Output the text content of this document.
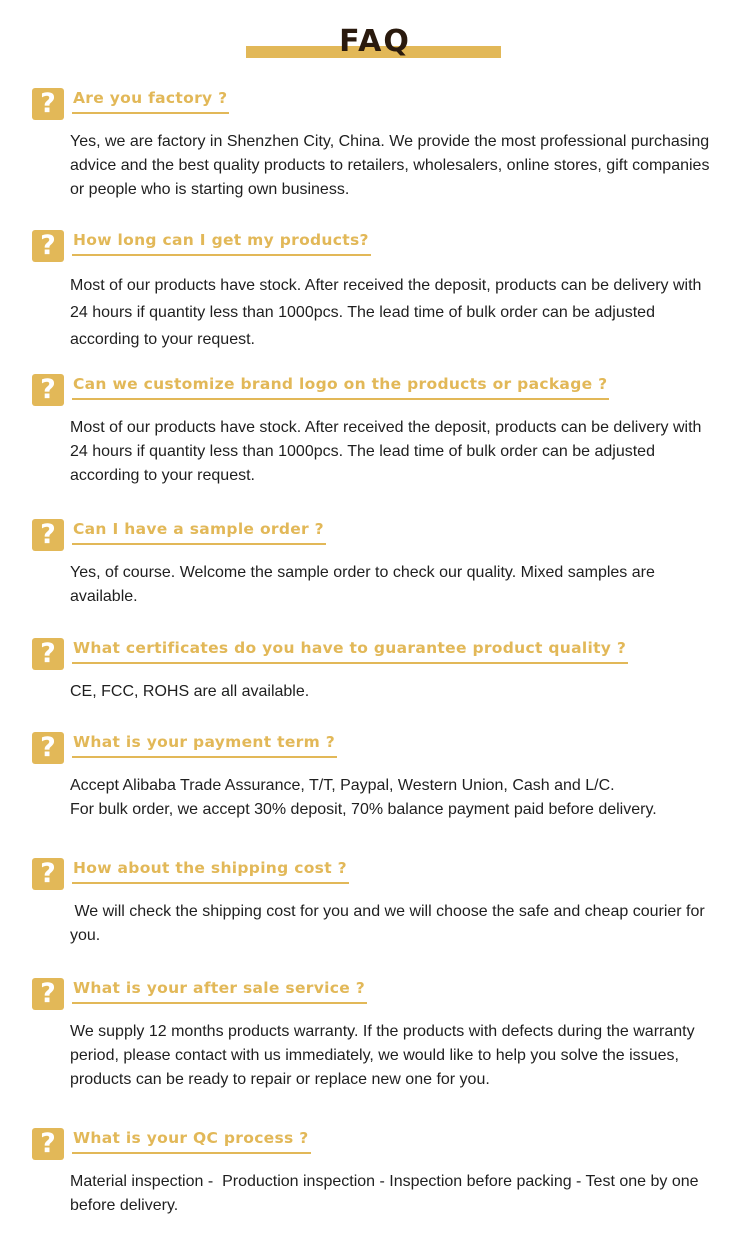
FAQ
?	Are you factory ?

Yes, we are factory in Shenzhen City, China. We provide the most professional purchasing advice and the best quality products to retailers, wholesalers, online stores, gift companies or people who is starting own business.

?	How long can I get my products?

Most of our products have stock. After received the deposit, products can be delivery with 24 hours if quantity less than 1000pcs. The lead time of bulk order can be adjusted according to your request.

?	Can we customize brand logo on the products or package ?

Most of our products have stock. After received the deposit, products can be delivery with 24 hours if quantity less than 1000pcs. The lead time of bulk order can be adjusted according to your request.

?	Can I have a sample order ?

Yes, of course. Welcome the sample order to check our quality. Mixed samples are available.

?	What certificates do you have to guarantee product quality ?

CE, FCC, ROHS are all available.

?	What is your payment term ?

Accept Alibaba Trade Assurance, T/T, Paypal, Western Union, Cash and L/C.

For bulk order, we accept 30% deposit, 70% balance payment paid before delivery.

?	How about the shipping cost ?

We will check the shipping cost for you and we will choose the safe and cheap courier for you.

?	What is your after sale service ?

We supply 12 months products warranty. If the products with defects during the warranty period, please contact with us immediately, we would like to help you solve the issues, products can be ready to repair or replace new one for you.

?	What is your QC process ?

Material inspection -  Production inspection - Inspection before packing - Test one by one before delivery.
